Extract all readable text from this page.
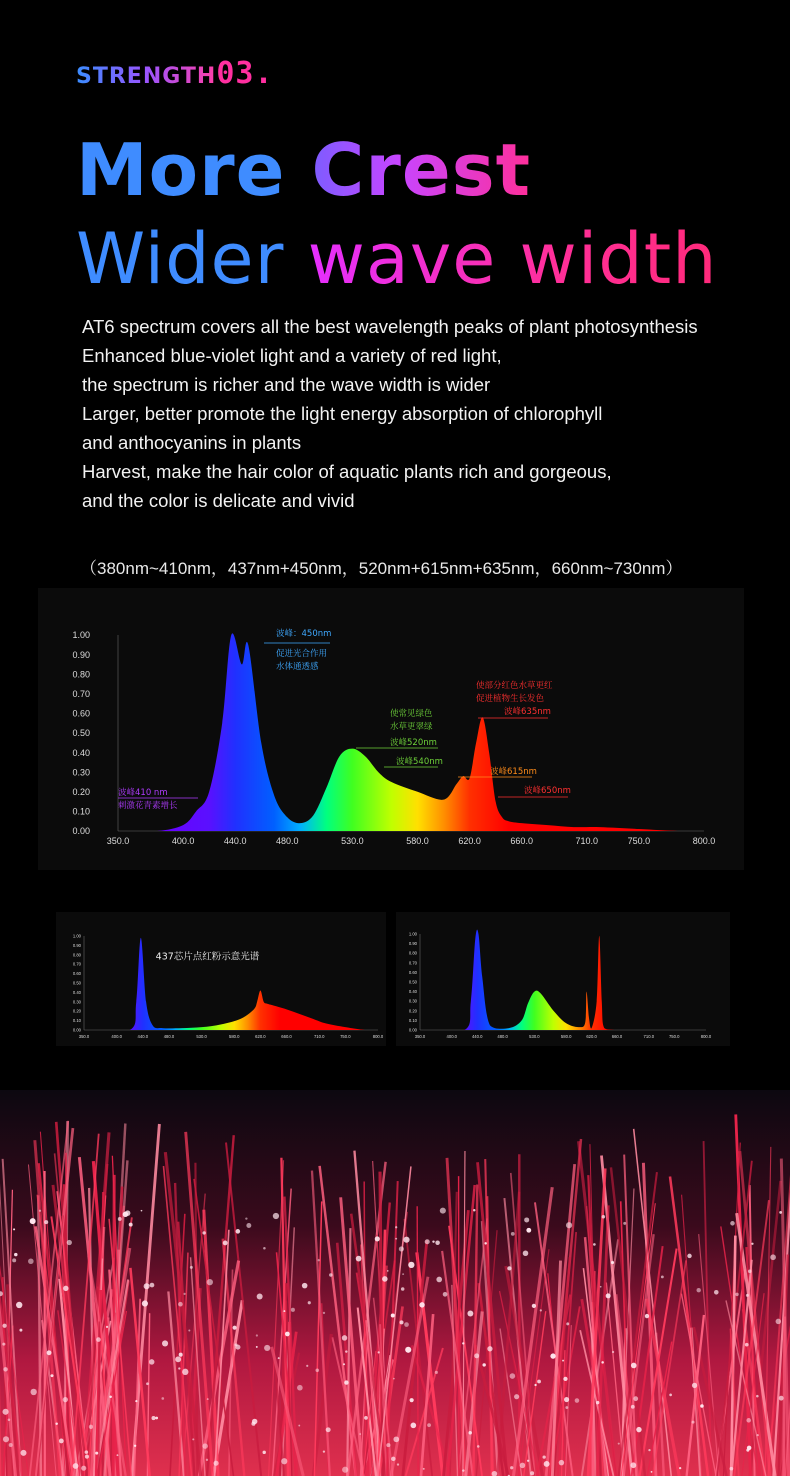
STRENGTH03.
More Crest
Wider wave width
AT6 spectrum covers all the best wavelength peaks of plant photosynthesis
Enhanced blue-violet light and a variety of red light,
the spectrum is richer and the wave width is wider
Larger, better promote the light energy absorption of chlorophyll
and anthocyanins in plants
Harvest, make the hair color of aquatic plants rich and gorgeous,
and the color is delicate and vivid
（380nm~410nm，437nm+450nm，520nm+615nm+635nm，660nm~730nm）
0.00
0.10
0.20
0.30
0.40
0.50
0.60
0.70
0.80
0.90
1.00
350.0	400.0	440.0	480.0	530.0	580.0	620.0	660.0	710.0	750.0	800.0
波峰：450nm
促进光合作用
水体通透感
使常见绿色
水草更翠绿
波峰520nm
波峰540nm
使部分红色水草更红
促进植物生长发色
波峰635nm
波峰615nm
波峰650nm
波峰410 nm
刺激花青素增长
0.00
0.10
0.20
0.30
0.40
0.50
0.60
0.70
0.80
0.90
1.00
350.0	400.0	440.0	480.0	530.0	580.0	620.0	660.0	710.0	750.0	800.0
437芯片点红粉示意光谱
0.00
0.10
0.20
0.30
0.40
0.50
0.60
0.70
0.80
0.90
1.00
350.0	400.0	440.0	480.0	530.0	580.0	620.0	660.0	710.0	750.0	800.0
